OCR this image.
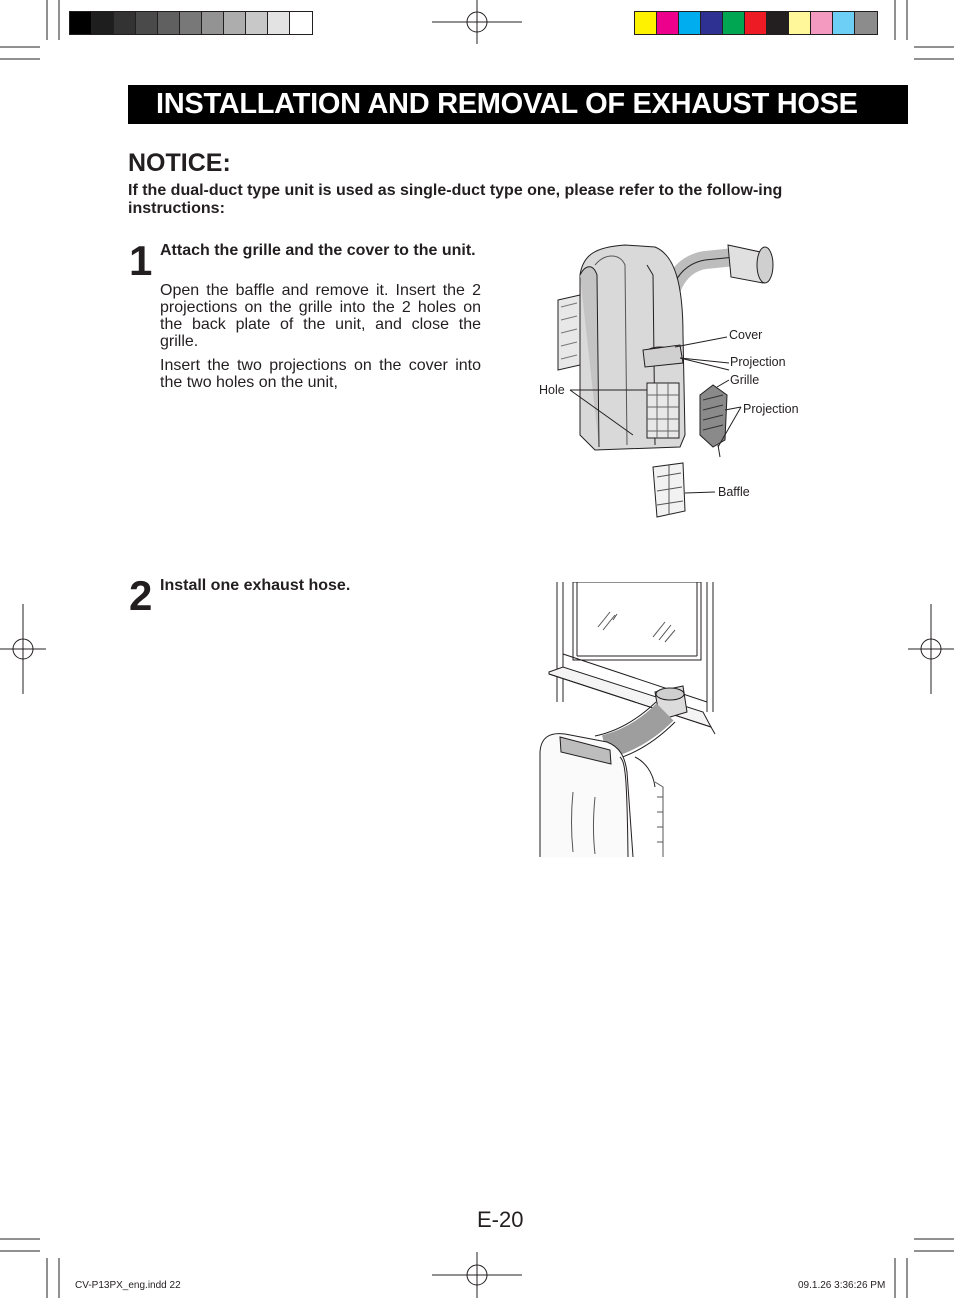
INSTALLATION AND REMOVAL OF EXHAUST HOSE
NOTICE:
If the dual-duct type unit is used as single-duct type one, please refer to the follow-ing instructions:
1 Attach the grille and the cover to the unit.

Open the baffle and remove it. Insert the 2 projections on the grille into the 2 holes on the back plate of the unit, and close the grille.

Insert the two projections on the cover into the two holes on the unit,

2 Install one exhaust hose.
Cover
Projection
Grille
Hole
Projection
Baffle
E-20
CV-P13PX_eng.indd 22	09.1.26 3:36:26 PM
